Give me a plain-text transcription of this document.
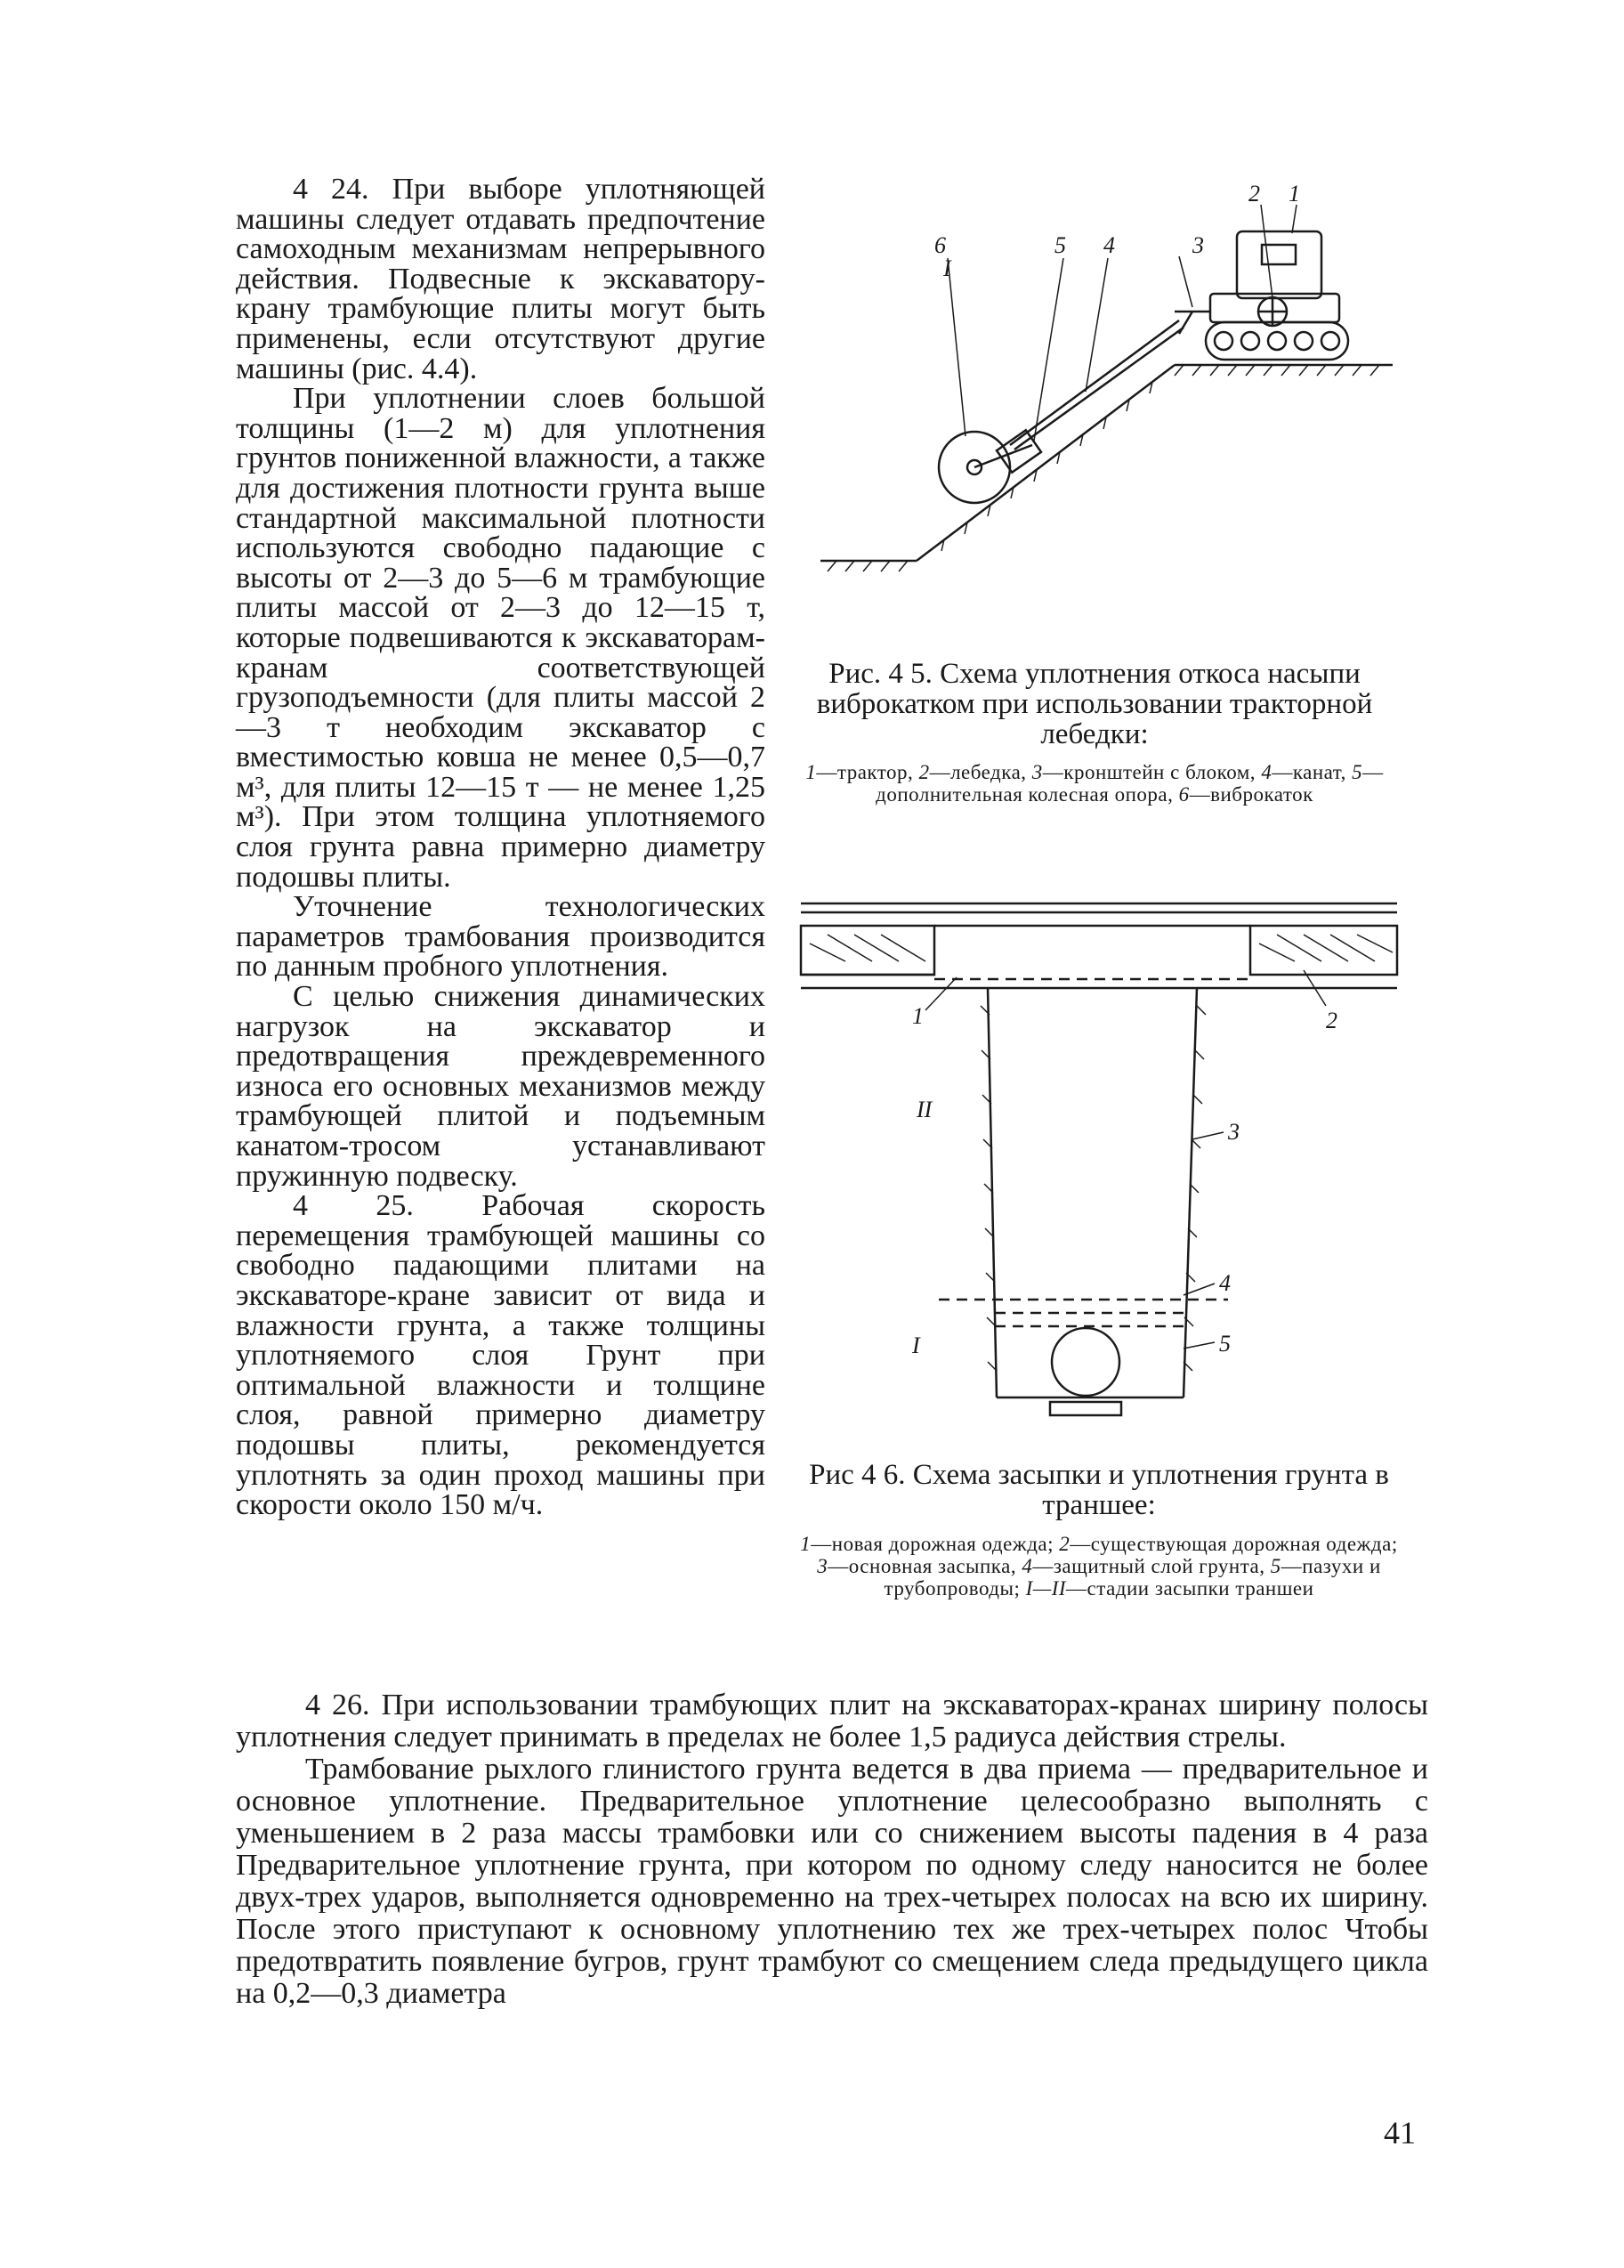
4 24. При выборе уплотняющей машины следует отдавать предпочтение самоходным механизмам непрерывного действия. Подвесные к экскаватору-крану трамбующие плиты могут быть применены, если отсутствуют другие машины (рис. 4.4).

При уплотнении слоев большой толщины (1—2 м) для уплотнения грунтов пониженной влажности, а также для достижения плотности грунта выше стандартной максимальной плотности используются свободно падающие с высоты от 2—3 до 5—6 м трамбующие плиты массой от 2—3 до 12—15 т, которые подвешиваются к экскаваторам-кранам соответствующей грузоподъемности (для плиты массой 2—3 т необходим экскаватор с вместимостью ковша не менее 0,5—0,7 м³, для плиты 12—15 т — не менее 1,25 м³). При этом толщина уплотняемого слоя грунта равна примерно диаметру подошвы плиты.

Уточнение технологических параметров трамбования производится по данным пробного уплотнения.

С целью снижения динамических нагрузок на экскаватор и предотвращения преждевременного износа его основных механизмов между трамбующей плитой и подъемным канатом-тросом устанавливают пружинную подвеску.

4 25. Рабочая скорость перемещения трамбующей машины со свободно падающими плитами на экскаваторе-кране зависит от вида и влажности грунта, а также толщины уплотняемого слоя Грунт при оптимальной влажности и толщине слоя, равной примерно диаметру подошвы плиты, рекомендуется уплотнять за один проход машины при скорости около 150 м/ч.

2 1
6	5 4	3
I
Рис. 4 5. Схема уплотнения откоса насыпи виброкатком при использовании тракторной лебедки:
1—трактор, 2—лебедка, 3—кронштейн с блоком, 4—канат, 5—дополнительная колесная опора, 6—виброкаток
1	2
3
4
5
II
I
Рис 4 6. Схема засыпки и уплотнения грунта в траншее:
1—новая дорожная одежда; 2—существующая дорожная одежда; 3—основная засыпка, 4—защитный слой грунта, 5—пазухи и трубопроводы; I—II—стадии засыпки траншеи

4 26. При использовании трамбующих плит на экскаваторах-кранах ширину полосы уплотнения следует принимать в пределах не более 1,5 радиуса действия стрелы.

Трамбование рыхлого глинистого грунта ведется в два приема — предварительное и основное уплотнение. Предварительное уплотнение целесообразно выполнять с уменьшением в 2 раза массы трамбовки или со снижением высоты падения в 4 раза Предварительное уплотнение грунта, при котором по одному следу наносится не более двух-трех ударов, выполняется одновременно на трех-четырех полосах на всю их ширину. После этого приступают к основному уплотнению тех же трех-четырех полос Чтобы предотвратить появление бугров, грунт трамбуют со смещением следа предыдущего цикла на 0,2—0,3 диаметра

41
